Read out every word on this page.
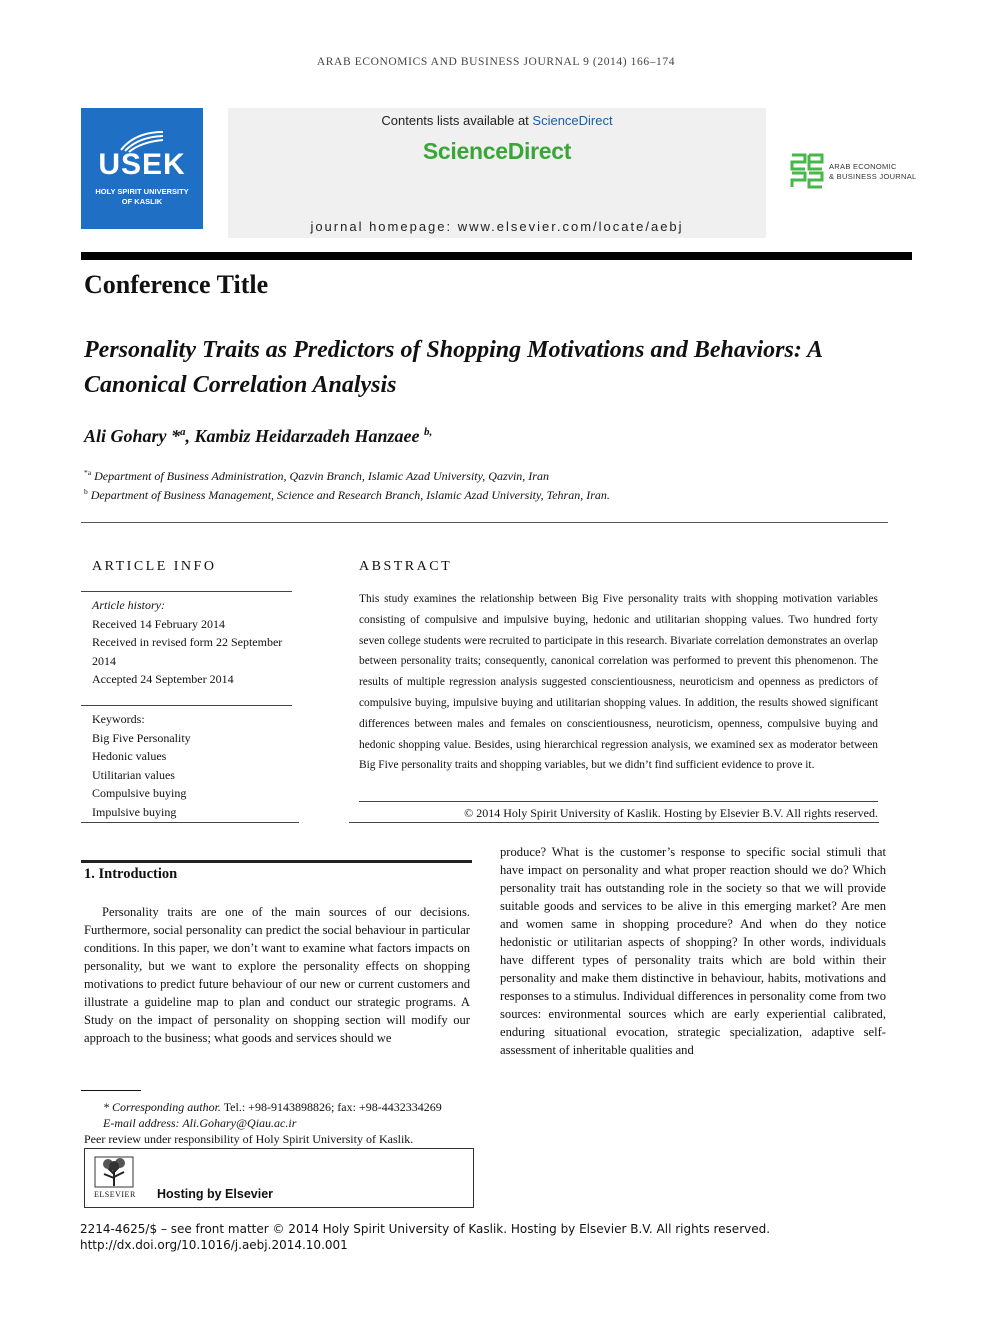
ARAB ECONOMICS AND BUSINESS JOURNAL 9 (2014) 166–174
USEK
HOLY SPIRIT UNIVERSITY
OF KASLIK
Contents lists available at ScienceDirect
ScienceDirect
journal homepage: www.elsevier.com/locate/aebj
ARAB ECONOMIC
& BUSINESS JOURNAL
Conference Title
Personality Traits as Predictors of Shopping Motivations and Behaviors: A
Canonical Correlation Analysis
Ali Gohary *$^a$, Kambiz Heidarzadeh Hanzaee $^{b,}$
$^{*a}$ Department of Business Administration, Qazvin Branch, Islamic Azad University, Qazvin, Iran
$^b$ Department of Business Management, Science and Research Branch, Islamic Azad University, Tehran, Iran.
ARTICLE INFO
Article history:
Received 14 February 2014
Received in revised form 22 September
2014
Accepted 24 September 2014
Keywords:
Big Five Personality
Hedonic values
Utilitarian values
Compulsive buying
Impulsive buying
ABSTRACT
This study examines the relationship between Big Five personality traits with shopping motivation variables consisting of compulsive and impulsive buying, hedonic and utilitarian shopping values. Two hundred forty seven college students were recruited to participate in this research. Bivariate correlation demonstrates an overlap between personality traits; consequently, canonical correlation was performed to prevent this phenomenon. The results of multiple regression analysis suggested conscientiousness, neuroticism and openness as predictors of compulsive buying, impulsive buying and utilitarian shopping values. In addition, the results showed significant differences between males and females on conscientiousness, neuroticism, openness, compulsive buying and hedonic shopping value. Besides, using hierarchical regression analysis, we examined sex as moderator between Big Five personality traits and shopping variables, but we didn’t find sufficient evidence to prove it.
© 2014 Holy Spirit University of Kaslik. Hosting by Elsevier B.V. All rights reserved.
1. Introduction
Personality traits are one of the main sources of our decisions. Furthermore, social personality can predict the social behaviour in particular conditions. In this paper, we don’t want to examine what factors impacts on personality, but we want to explore the personality effects on shopping motivations to predict future behaviour of our new or current customers and illustrate a guideline map to plan and conduct our strategic programs. A Study on the impact of personality on shopping section will modify our approach to the business; what goods and services should we
produce? What is the customer’s response to specific social stimuli that have impact on personality and what proper reaction should we do? Which personality trait has outstanding role in the society so that we will provide suitable goods and services to be alive in this emerging market? Are men and women same in shopping procedure? And when do they notice hedonistic or utilitarian aspects of shopping? In other words, individuals have different types of personality traits which are bold within their personality and make them distinctive in behaviour, habits, motivations and responses to a stimulus. Individual differences in personality come from two sources: environmental sources which are early experiential calibrated, enduring situational evocation, strategic specialization, adaptive self-assessment of inheritable qualities and
* Corresponding author. Tel.: +98-9143898826; fax: +98-4432334269
E-mail address: Ali.Gohary@Qiau.ac.ir
Peer review under responsibility of Holy Spirit University of Kaslik.
ELSEVIER Hosting by Elsevier
2214-4625/$ – see front matter © 2014 Holy Spirit University of Kaslik. Hosting by Elsevier B.V. All rights reserved.
http://dx.doi.org/10.1016/j.aebj.2014.10.001
